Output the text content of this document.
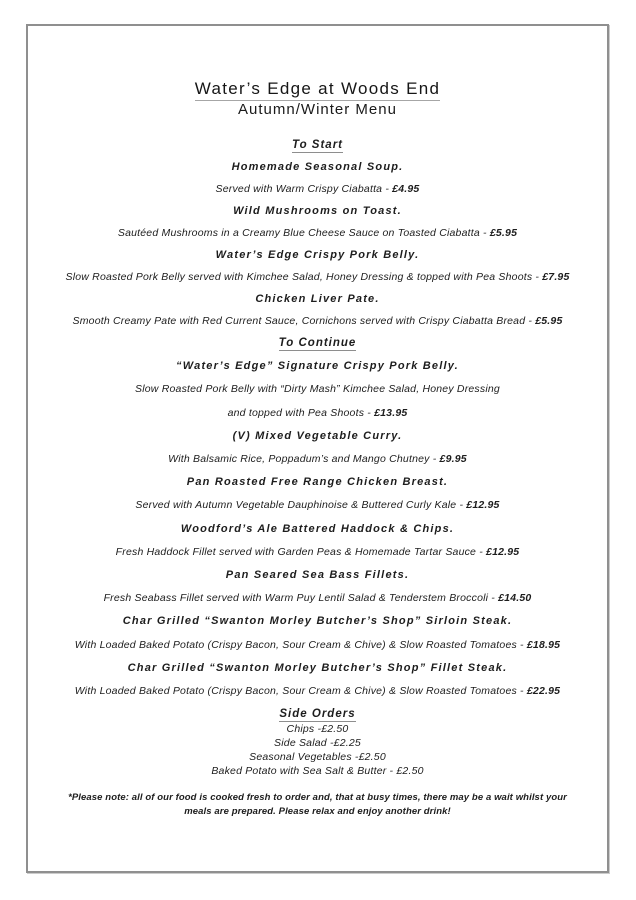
Water’s Edge at Woods End
Autumn/Winter Menu
To Start
Homemade Seasonal Soup.
Served with Warm Crispy Ciabatta - £4.95
Wild Mushrooms on Toast.
Sautéed Mushrooms in a Creamy Blue Cheese Sauce on Toasted Ciabatta - £5.95
Water’s Edge Crispy Pork Belly.
Slow Roasted Pork Belly served with Kimchee Salad, Honey Dressing & topped with Pea Shoots - £7.95
Chicken Liver Pate.
Smooth Creamy Pate with Red Current Sauce, Cornichons served with Crispy Ciabatta Bread - £5.95
To Continue
“Water’s Edge” Signature Crispy Pork Belly.
Slow Roasted Pork Belly with “Dirty Mash” Kimchee Salad, Honey Dressing
and topped with Pea Shoots - £13.95
(V) Mixed Vegetable Curry.
With Balsamic Rice, Poppadum’s and Mango Chutney - £9.95
Pan Roasted Free Range Chicken Breast.
Served with Autumn Vegetable Dauphinoise & Buttered Curly Kale - £12.95
Woodford’s Ale Battered Haddock & Chips.
Fresh Haddock Fillet served with Garden Peas & Homemade Tartar Sauce - £12.95
Pan Seared Sea Bass Fillets.
Fresh Seabass Fillet served with Warm Puy Lentil Salad & Tenderstem Broccoli - £14.50
Char Grilled “Swanton Morley Butcher’s Shop” Sirloin Steak.
With Loaded Baked Potato (Crispy Bacon, Sour Cream & Chive) & Slow Roasted Tomatoes - £18.95
Char Grilled “Swanton Morley Butcher’s Shop” Fillet Steak.
With Loaded Baked Potato (Crispy Bacon, Sour Cream & Chive) & Slow Roasted Tomatoes - £22.95
Side Orders
Chips -£2.50
Side Salad -£2.25
Seasonal Vegetables -£2.50
Baked Potato with Sea Salt & Butter - £2.50
*Please note: all of our food is cooked fresh to order and, that at busy times, there may be a wait whilst your meals are prepared. Please relax and enjoy another drink!
